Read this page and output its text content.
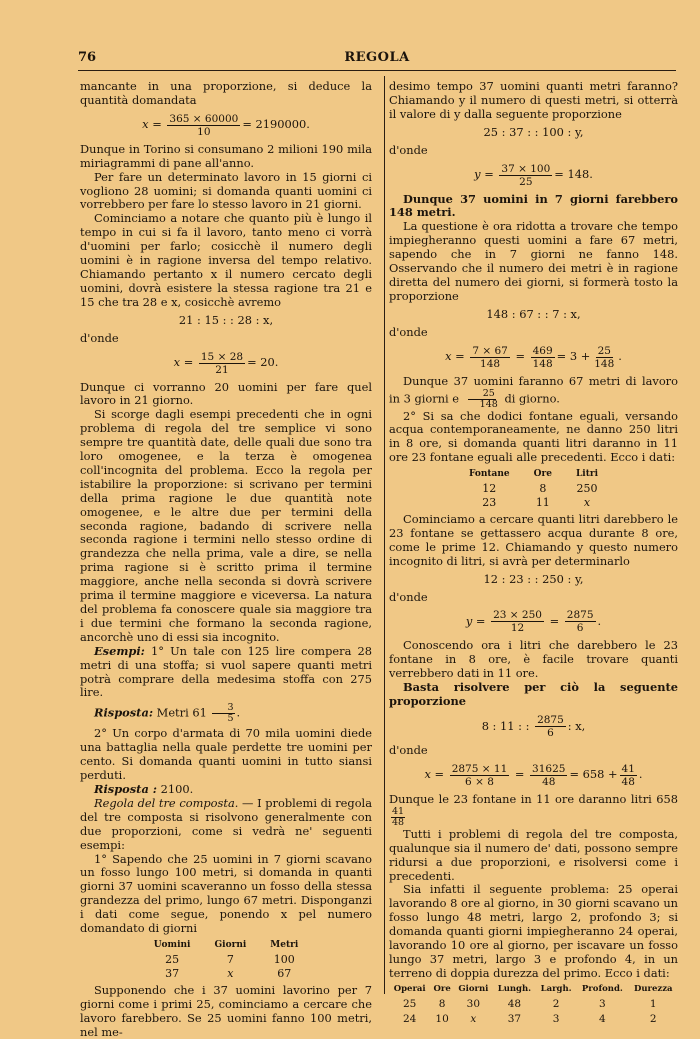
76	REGOLA

mancante in una proporzione, si deduce la quantità domandata

$x = \frac{365 \times 60000}{10} = 2190000$.

Dunque in Torino si consumano 2 milioni 190 mila miriagrammi di pane all'anno.

Per fare un determinato lavoro in 15 giorni ci vogliono 28 uomini; si domanda quanti uomini ci vorrebbero per fare lo stesso lavoro in 21 giorni.

Cominciamo a notare che quanto più è lungo il tempo in cui si fa il lavoro, tanto meno ci vorrà d'uomini per farlo; cosicchè il numero degli uomini è in ragione inversa del tempo relativo. Chiamando pertanto x il numero cercato degli uomini, dovrà esistere la stessa ragione tra 21 e 15 che tra 28 e x, cosicchè avremo

21 : 15 : : 28 : x,
d'onde
$x = \frac{15 \times 28}{21} = 20$.

Dunque ci vorranno 20 uomini per fare quel lavoro in 21 giorno.

Si scorge dagli esempi precedenti che in ogni problema di regola del tre semplice vi sono sempre tre quantità date, delle quali due sono tra loro omogenee, e la terza è omogenea coll'incognita del problema. Ecco la regola per istabilire la proporzione: si scrivano per termini della prima ragione le due quantità note omogenee, e le altre due per termini della seconda ragione, badando di scrivere nella seconda ragione i termini nello stesso ordine di grandezza che nella prima, vale a dire, se nella prima ragione si è scritto prima il termine maggiore, anche nella seconda si dovrà scrivere prima il termine maggiore e viceversa. La natura del problema fa conoscere quale sia maggiore tra i due termini che formano la seconda ragione, ancorchè uno di essi sia incognito.

Esempi: 1° Un tale con 125 lire compera 28 metri di una stoffa; si vuol sapere quanti metri potrà comprare della medesima stoffa con 275 lire.

Risposta: Metri $61 \frac{3}{5}$ .

2° Un corpo d'armata di 70 mila uomini diede una battaglia nella quale perdette tre uomini per cento. Si domanda quanti uomini in tutto siansi perduti.

Risposta : 2100.

Regola del tre composta. — I problemi di regola del tre composta si risolvono generalmente con due proporzioni, come si vedrà ne' seguenti esempi:

1° Sapendo che 25 uomini in 7 giorni scavano un fosso lungo 100 metri, si domanda in quanti giorni 37 uomini scaveranno un fosso della stessa grandezza del primo, lungo 67 metri. Disponganzi i dati come segue, ponendo x pel numero domandato di giorni

Uomini	Giorni	Metri
25	7	100
37	x	67

Supponendo che i 37 uomini lavorino per 7 giorni come i primi 25, cominciamo a cercare che lavoro farebbero. Se 25 uomini fanno 100 metri, nel me-

desimo tempo 37 uomini quanti metri faranno? Chiamando y il numero di questi metri, si otterrà il valore di y dalla seguente proporzione

25 : 37 : : 100 : y,
d'onde
$y = \frac{37 \times 100}{25} = 148$.

Dunque 37 uomini in 7 giorni farebbero 148 metri.

La questione è ora ridotta a trovare che tempo impiegheranno questi uomini a fare 67 metri, sapendo che in 7 giorni ne fanno 148. Osservando che il numero dei metri è in ragione diretta del numero dei giorni, si formerà tosto la proporzione

148 : 67 : : 7 : x,
d'onde
$x = \frac{7 \times 67}{148} = \frac{469}{148} = 3 + \frac{25}{148}$ .

Dunque 37 uomini faranno 67 metri di lavoro in 3 giorni e $\frac{25}{148}$ di giorno.

2° Si sa che dodici fontane eguali, versando acqua contemporaneamente, ne danno 250 litri in 8 ore, si domanda quanti litri daranno in 11 ore 23 fontane eguali alle precedenti. Ecco i dati:

Fontane	Ore	Litri
12	8	250
23	11	x

Cominciamo a cercare quanti litri darebbero le 23 fontane se gettassero acqua durante 8 ore, come le prime 12. Chiamando y questo numero incognito di litri, si avrà per determinarlo

12 : 23 : : 250 : y,
d'onde
$y = \frac{23 \times 250}{12} = \frac{2875}{6}$ .

Conoscendo ora i litri che darebbero le 23 fontane in 8 ore, è facile trovare quanti verrebbero dati in 11 ore.

Basta risolvere per ciò la seguente proporzione

8 : 11 : :
$\frac{2875}{6}$ : x,
d'onde
$x = \frac{2875 \times 11}{6 \times 8} = \frac{31625}{48} = 658 + \frac{41}{48}$ .

Dunque le 23 fontane in 11 ore daranno litri 658
$\frac{41}{48}$

Tutti i problemi di regola del tre composta, qualunque sia il numero de' dati, possono sempre ridursi a due proporzioni, e risolversi come i precedenti.

Sia infatti il seguente problema: 25 operai lavorando 8 ore al giorno, in 30 giorni scavano un fosso lungo 48 metri, largo 2, profondo 3; si domanda quanti giorni impiegheranno 24 operai, lavorando 10 ore al giorno, per iscavare un fosso lungo 37 metri, largo 3 e profondo 4, in un terreno di doppia durezza del primo. Ecco i dati:

Operai	Ore	Giorni	Lungh.	Largh.	Profond.	Durezza
25	8	30	48	2	3	1
24	10	x	37	3	4	2
